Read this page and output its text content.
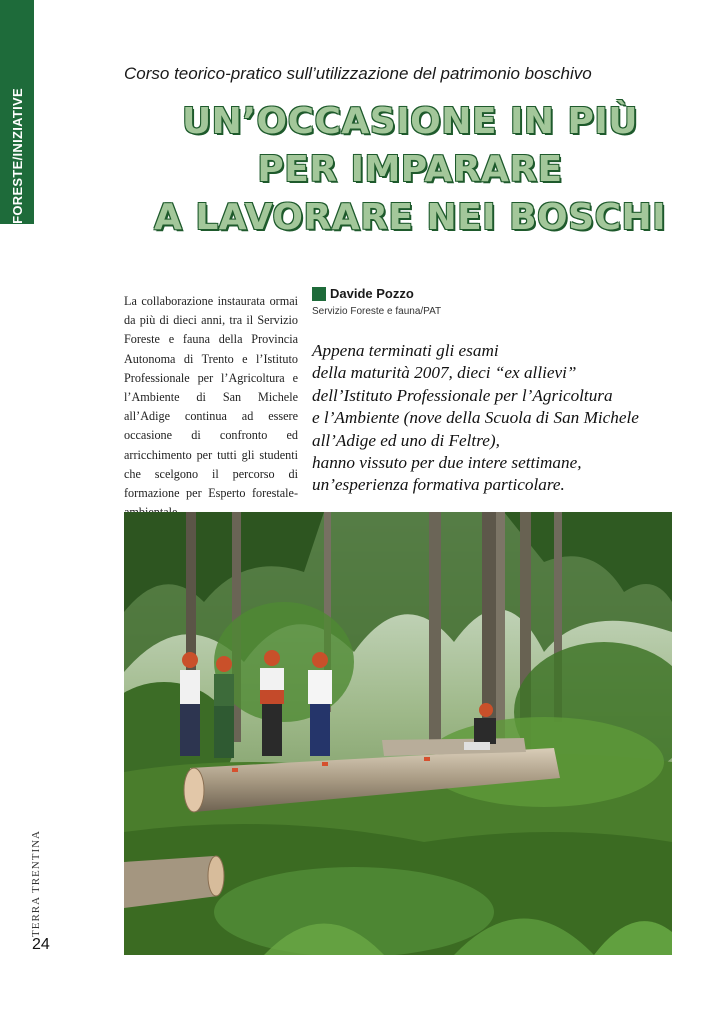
FORESTE/INIZIATIVE
Corso teorico-pratico sull’utilizzazione del patrimonio boschivo
UN’OCCASIONE IN PIÙ
PER IMPARARE
A LAVORARE NEI BOSCHI
La collaborazione instaurata ormai da più di dieci anni, tra il Servizio Foreste e fauna della Provincia Autonoma di Trento e l’Istituto Professionale per l’Agricoltura e l’Ambiente di San Michele all’Adige continua ad essere occasione di confronto ed arricchimento per tutti gli studenti che scelgono il percorso di formazione per Esperto forestale-
Davide Pozzo
Servizio Foreste e fauna/PAT
Appena terminati gli esami
della maturità 2007, dieci “ex allievi”
dell’Istituto Professionale per l’Agricoltura
e l’Ambiente (nove della Scuola di San Michele
all’Adige ed uno di Feltre),
hanno vissuto per due intere settimane,
un’esperienza formativa particolare.
TERRA TRENTINA
24
